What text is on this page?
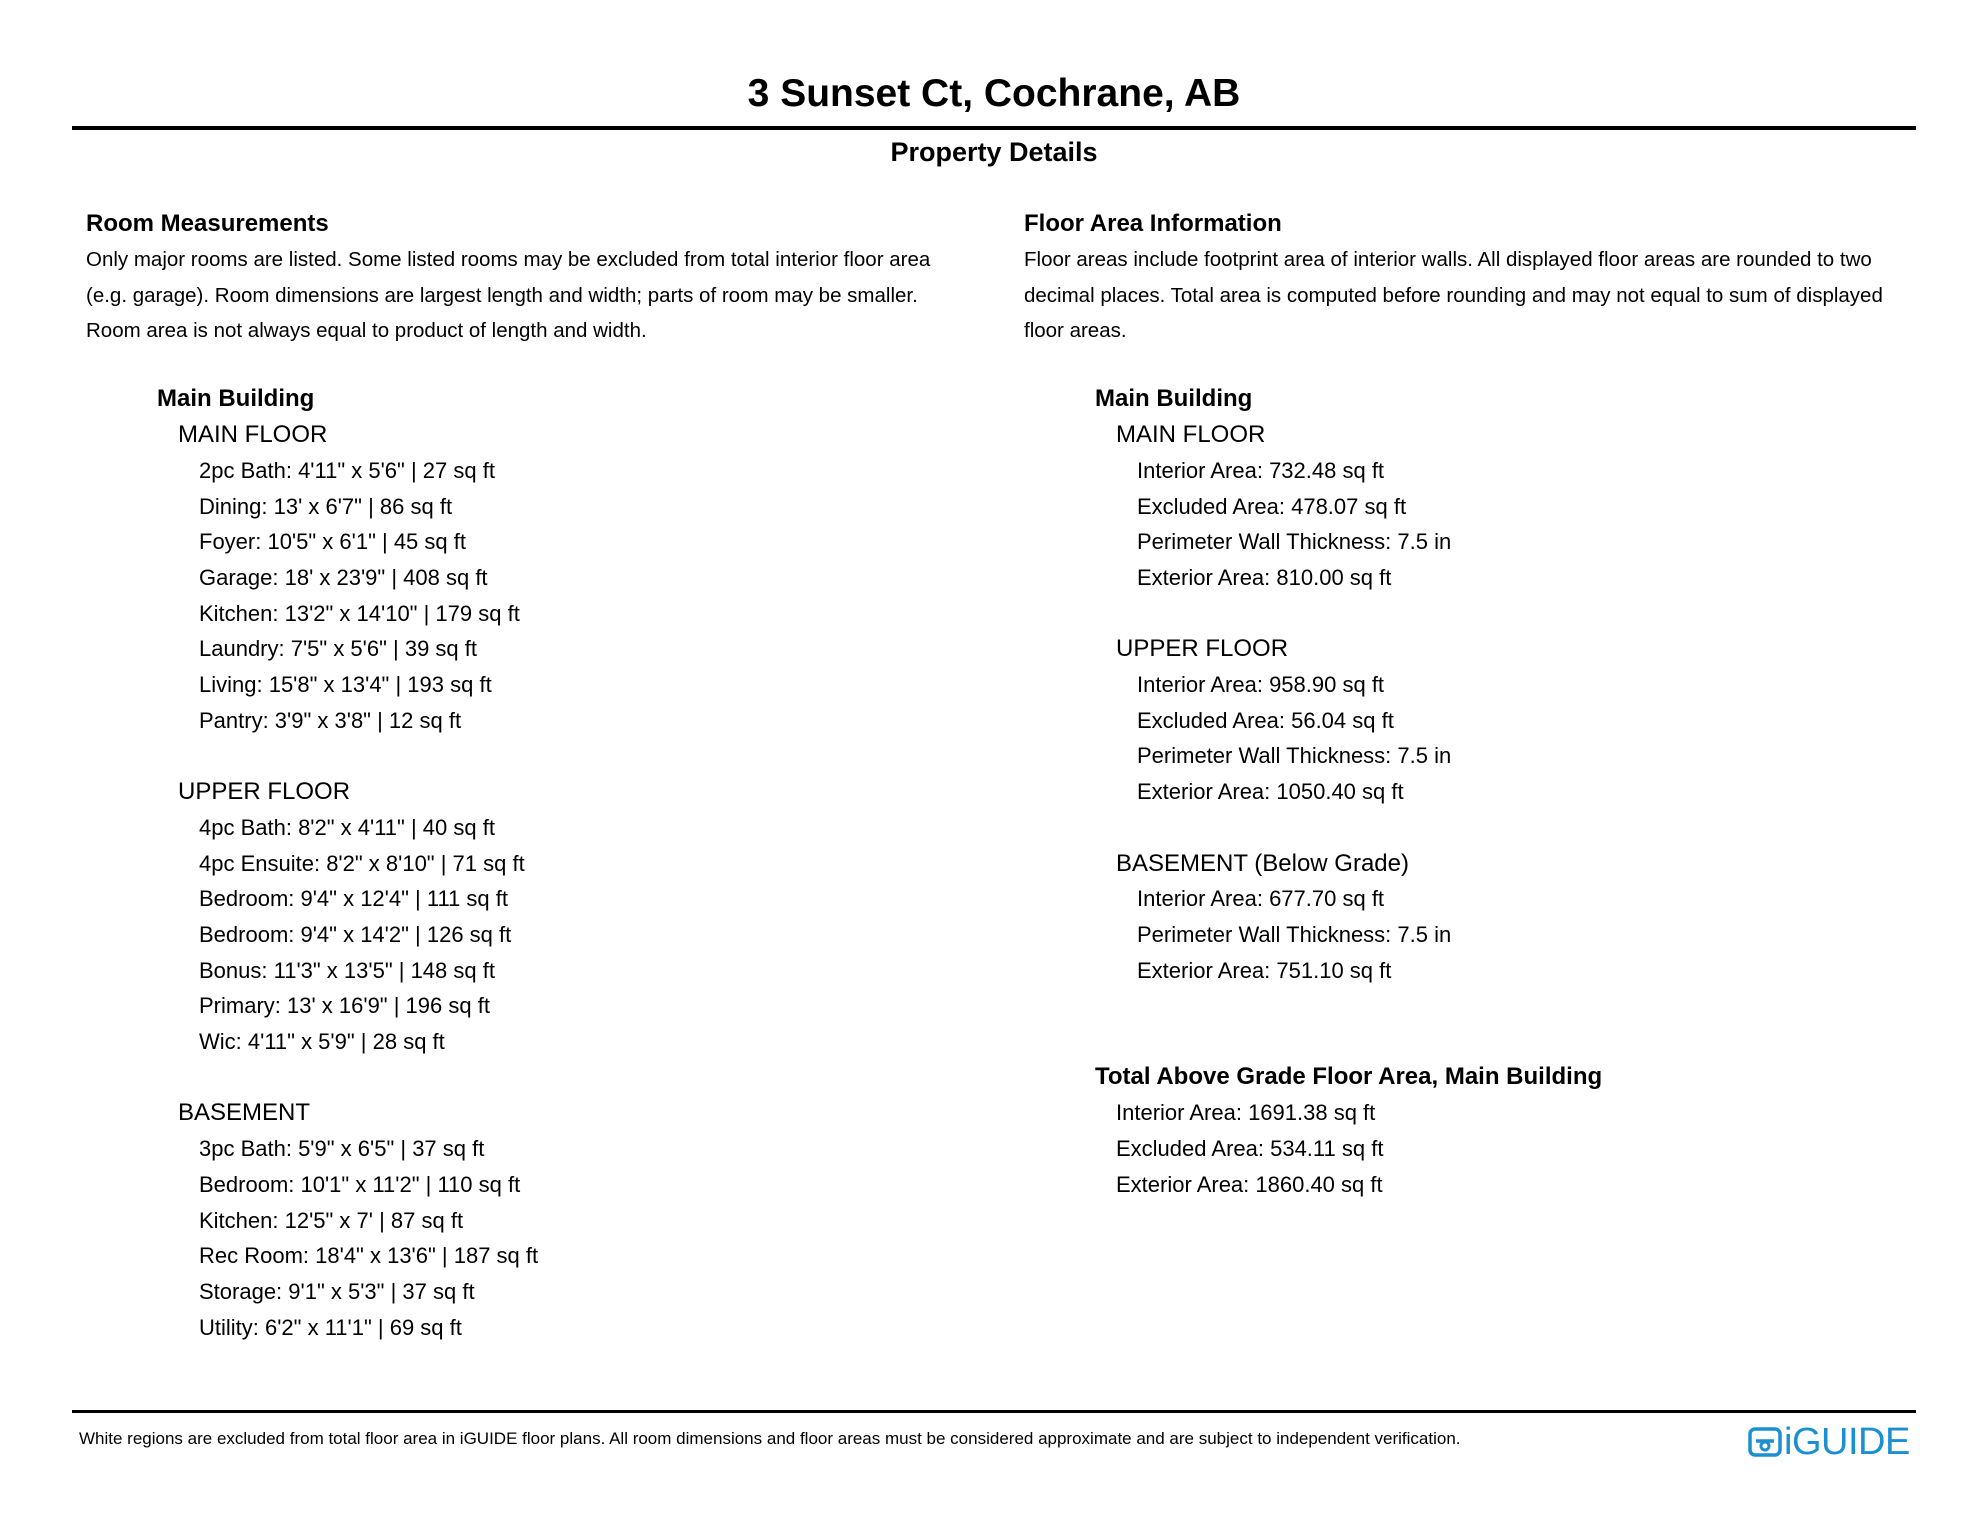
3 Sunset Ct, Cochrane, AB
Property Details
Room Measurements
Only major rooms are listed. Some listed rooms may be excluded from total interior floor area
(e.g. garage). Room dimensions are largest length and width; parts of room may be smaller.
Room area is not always equal to product of length and width.
Main Building
MAIN FLOOR
2pc Bath: 4'11" x 5'6" | 27 sq ft
Dining: 13' x 6'7" | 86 sq ft
Foyer: 10'5" x 6'1" | 45 sq ft
Garage: 18' x 23'9" | 408 sq ft
Kitchen: 13'2" x 14'10" | 179 sq ft
Laundry: 7'5" x 5'6" | 39 sq ft
Living: 15'8" x 13'4" | 193 sq ft
Pantry: 3'9" x 3'8" | 12 sq ft
UPPER FLOOR
4pc Bath: 8'2" x 4'11" | 40 sq ft
4pc Ensuite: 8'2" x 8'10" | 71 sq ft
Bedroom: 9'4" x 12'4" | 111 sq ft
Bedroom: 9'4" x 14'2" | 126 sq ft
Bonus: 11'3" x 13'5" | 148 sq ft
Primary: 13' x 16'9" | 196 sq ft
Wic: 4'11" x 5'9" | 28 sq ft
BASEMENT
3pc Bath: 5'9" x 6'5" | 37 sq ft
Bedroom: 10'1" x 11'2" | 110 sq ft
Kitchen: 12'5" x 7' | 87 sq ft
Rec Room: 18'4" x 13'6" | 187 sq ft
Storage: 9'1" x 5'3" | 37 sq ft
Utility: 6'2" x 11'1" | 69 sq ft
Floor Area Information
Floor areas include footprint area of interior walls. All displayed floor areas are rounded to two
decimal places. Total area is computed before rounding and may not equal to sum of displayed
floor areas.
Main Building
MAIN FLOOR
Interior Area: 732.48 sq ft
Excluded Area: 478.07 sq ft
Perimeter Wall Thickness: 7.5 in
Exterior Area: 810.00 sq ft
UPPER FLOOR
Interior Area: 958.90 sq ft
Excluded Area: 56.04 sq ft
Perimeter Wall Thickness: 7.5 in
Exterior Area: 1050.40 sq ft
BASEMENT (Below Grade)
Interior Area: 677.70 sq ft
Perimeter Wall Thickness: 7.5 in
Exterior Area: 751.10 sq ft
Total Above Grade Floor Area, Main Building
Interior Area: 1691.38 sq ft
Excluded Area: 534.11 sq ft
Exterior Area: 1860.40 sq ft
White regions are excluded from total floor area in iGUIDE floor plans. All room dimensions and floor areas must be considered approximate and are subject to independent verification.	iGUIDE
